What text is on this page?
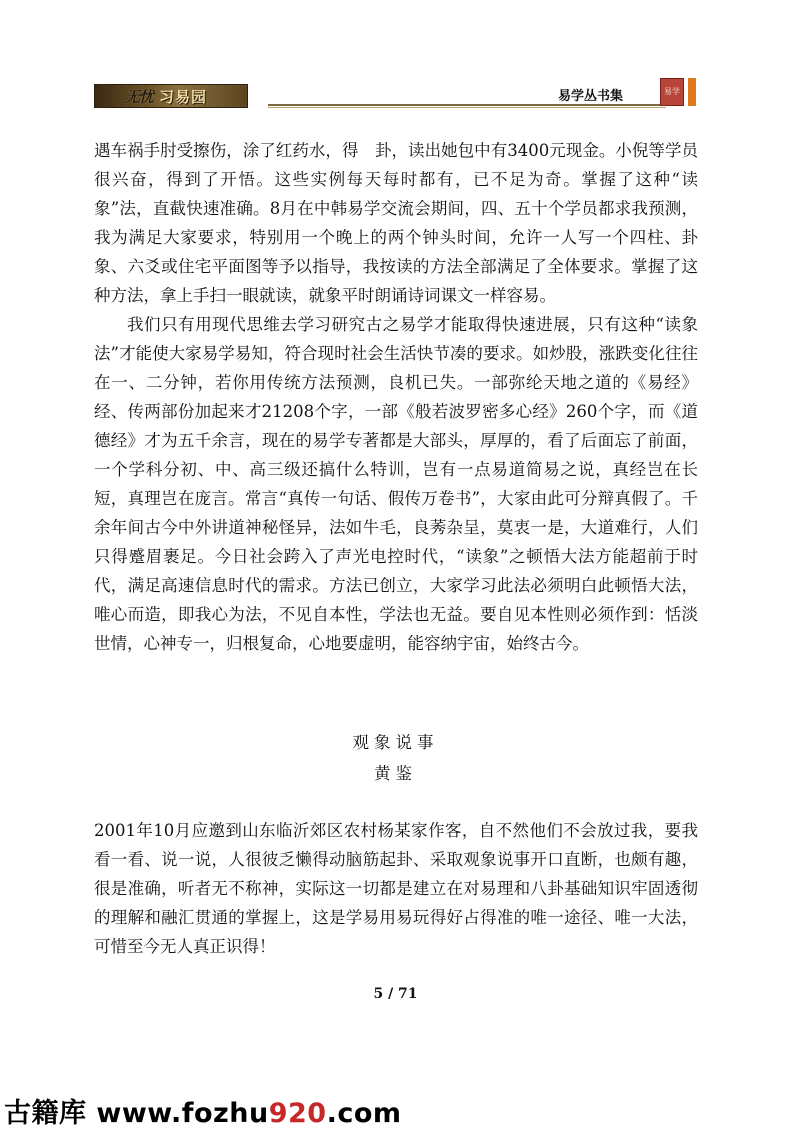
无忧 习易园	易学丛书集	易学

遇车祸手肘受擦伤，涂了红药水，得　卦，读出她包中有3400元现金。小倪等学员很兴奋，得到了开悟。这些实例每天每时都有，已不足为奇。掌握了这种“读象”法，直截快速准确。8月在中韩易学交流会期间，四、五十个学员都求我预测，我为满足大家要求，特别用一个晚上的两个钟头时间，允许一人写一个四柱、卦象、六爻或住宅平面图等予以指导，我按读的方法全部满足了全体要求。掌握了这种方法，拿上手扫一眼就读，就象平时朗诵诗词课文一样容易。

我们只有用现代思维去学习研究古之易学才能取得快速进展，只有这种“读象法”才能使大家易学易知，符合现时社会生活快节凑的要求。如炒股，涨跌变化往往在一、二分钟，若你用传统方法预测，良机已失。一部弥纶天地之道的《易经》经、传两部份加起来才21208个字，一部《般若波罗密多心经》260个字，而《道德经》才为五千余言，现在的易学专著都是大部头，厚厚的，看了后面忘了前面，一个学科分初、中、高三级还搞什么特训，岂有一点易道简易之说，真经岂在长短，真理岂在庞言。常言“真传一句话、假传万卷书”，大家由此可分辩真假了。千余年间古今中外讲道神秘怪异，法如牛毛，良莠杂呈，莫衷一是，大道难行，人们只得蹙眉裹足。今日社会跨入了声光电控时代，“读象”之顿悟大法方能超前于时代，满足高速信息时代的需求。方法已创立，大家学习此法必须明白此顿悟大法，唯心而造，即我心为法，不见自本性，学法也无益。要自见本性则必须作到：恬淡世情，心神专一，归根复命，心地要虚明，能容纳宇宙，始终古今。

观象说事
黄鉴

2001年10月应邀到山东临沂郊区农村杨某家作客，自不然他们不会放过我，要我看一看、说一说，人很彼乏懒得动脑筋起卦、采取观象说事开口直断，也颇有趣，很是准确，听者无不称神，实际这一切都是建立在对易理和八卦基础知识牢固透彻的理解和融汇贯通的掌握上，这是学易用易玩得好占得准的唯一途径、唯一大法，可惜至今无人真正识得！

5 / 71
古籍库 www.fozhu920.com
